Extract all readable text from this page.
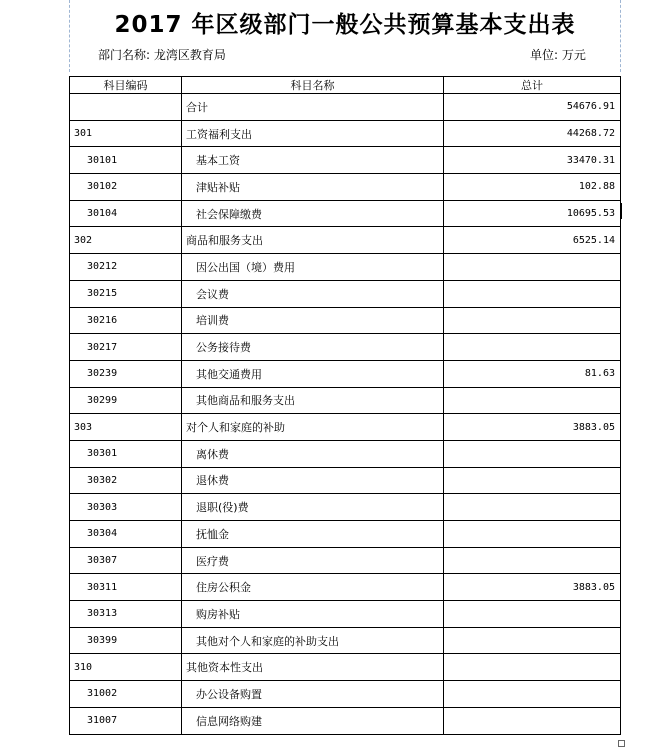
2017 年区级部门一般公共预算基本支出表
部门名称: 龙湾区教育局	单位: 万元
科目编码	科目名称	总计
	合计	54676.91
301	工资福利支出	44268.72
30101	基本工资	33470.31
30102	津贴补贴	102.88
30104	社会保障缴费	10695.53
302	商品和服务支出	6525.14
30212	因公出国（境）费用	
30215	会议费	
30216	培训费	
30217	公务接待费	
30239	其他交通费用	81.63
30299	其他商品和服务支出	
303	对个人和家庭的补助	3883.05
30301	离休费	
30302	退休费	
30303	退职(役)费	
30304	抚恤金	
30307	医疗费	
30311	住房公积金	3883.05
30313	购房补贴	
30399	其他对个人和家庭的补助支出	
310	其他资本性支出	
31002	办公设备购置	
31007	信息网络购建	
